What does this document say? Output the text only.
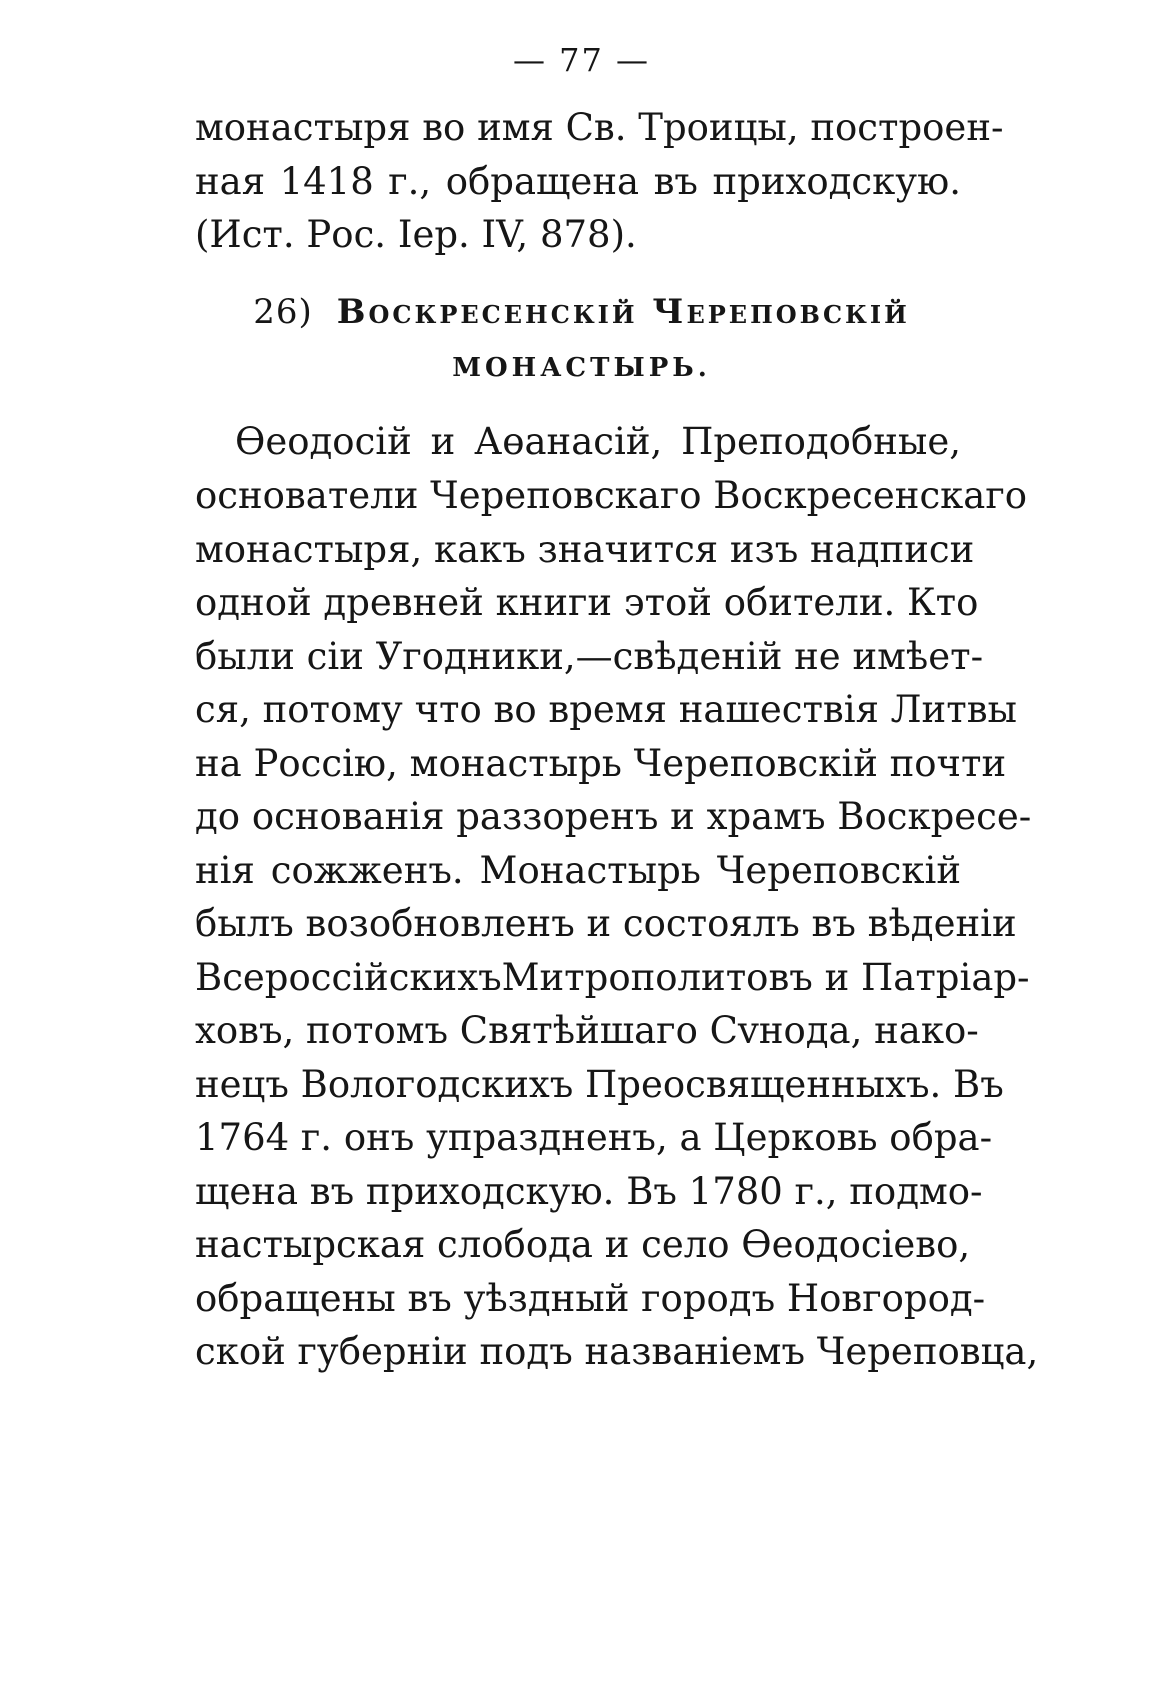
— 77 —
монастыря во имя Св. Троицы, построен-
ная 1418 г., обращена въ приходскую.
(Ист. Рос. Іер. IV, 878).
26) Воскресенскій Череповскій
МОНАСТЫРЬ.
Өеодосій и Аөанасій, Преподобные,
основатели Череповскаго Воскресенскаго
монастыря, какъ значится изъ надписи
одной древней книги этой обители. Кто
были сіи Угодники,—свѣденій не имѣет-
ся, потому что во время нашествія Литвы
на Россію, монастырь Череповскій почти
до основанія раззоренъ и храмъ Воскресе-
нія сожженъ. Монастырь Череповскій
былъ возобновленъ и состоялъ въ вѣденіи
ВсероссійскихъМитрополитовъ и Патріар-
ховъ, потомъ Святѣйшаго Сvнода, нако-
нецъ Вологодскихъ Преосвященныхъ. Въ
1764 г. онъ упраздненъ, а Церковь обра-
щена въ приходскую. Въ 1780 г., подмо-
настырская слобода и село Өеодосіево,
обращены въ уѣздный городъ Новгород-
ской губерніи подъ названіемъ Череповца,
